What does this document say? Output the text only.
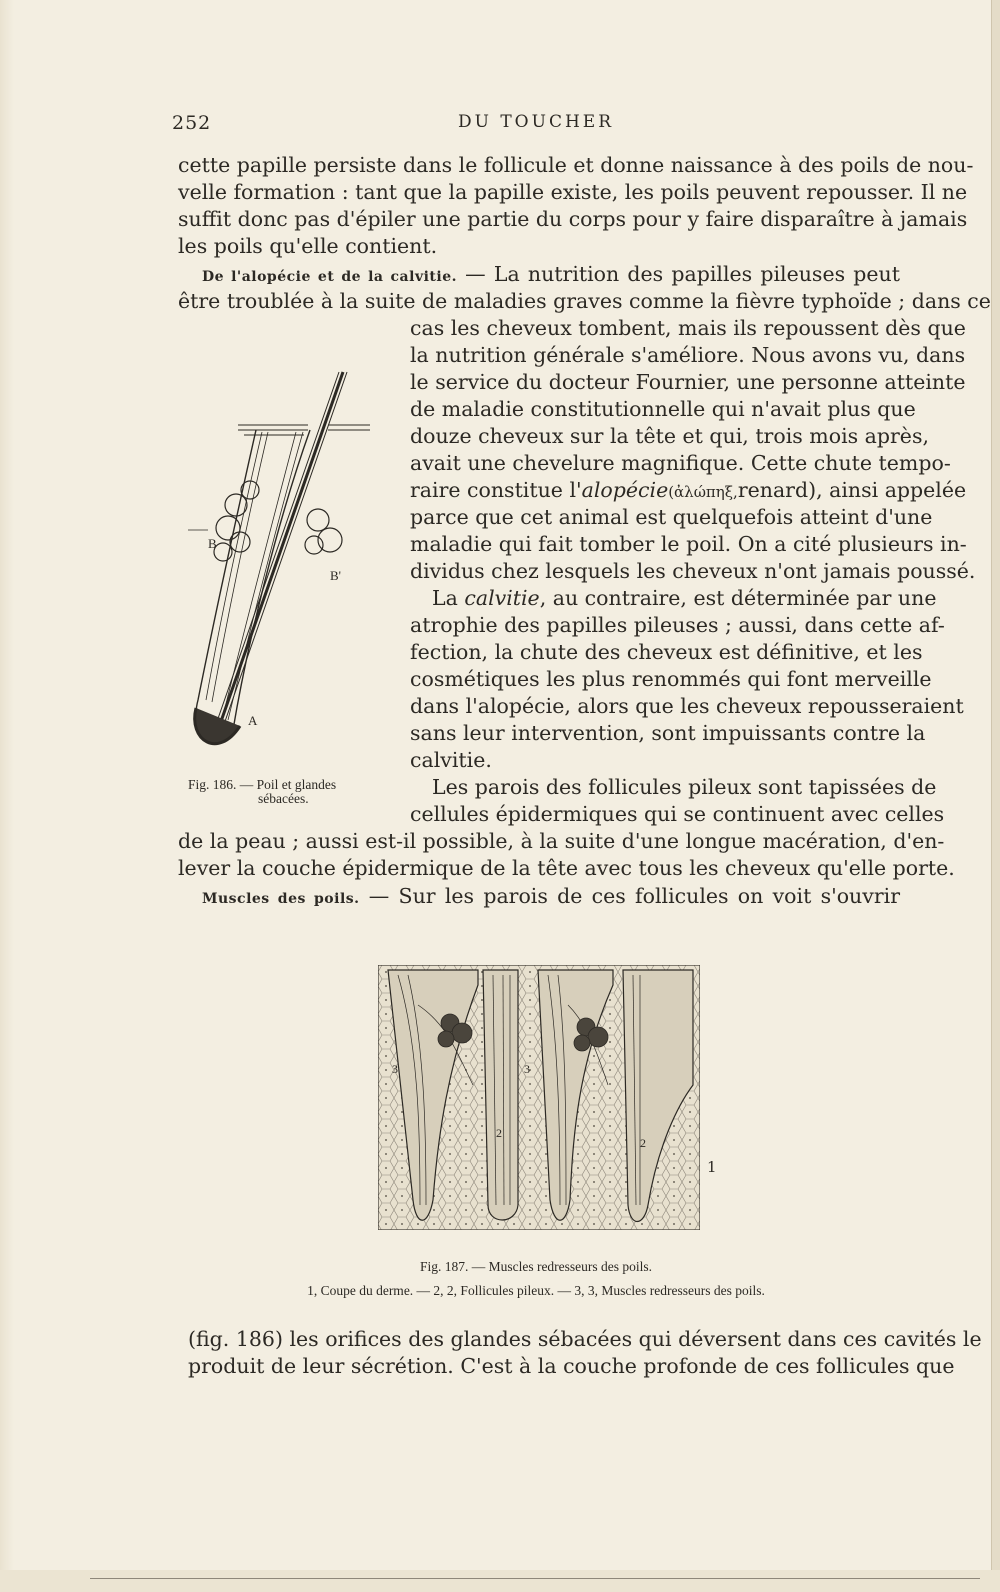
252	DU TOUCHER
cette papille persiste dans le follicule et donne naissance à des poils de nou-
velle formation : tant que la papille existe, les poils peuvent repousser. Il ne
suffit donc pas d'épiler une partie du corps pour y faire disparaître à jamais
les poils qu'elle contient.
De l'alopécie et de la calvitie. — La nutrition des papilles pileuses peut
être troublée à la suite de maladies graves comme la fièvre typhoïde ; dans ce
cas les cheveux tombent, mais ils repoussent dès que
la nutrition générale s'améliore. Nous avons vu, dans
le service du docteur Fournier, une personne atteinte
de maladie constitutionnelle qui n'avait plus que
douze cheveux sur la tête et qui, trois mois après,
avait une chevelure magnifique. Cette chute tempo-
raire constitue l'alopécie(ἀλώπηξ,renard), ainsi appelée
parce que cet animal est quelquefois atteint d'une
maladie qui fait tomber le poil. On a cité plusieurs in-
dividus chez lesquels les cheveux n'ont jamais poussé.
La calvitie, au contraire, est déterminée par une
atrophie des papilles pileuses ; aussi, dans cette af-
fection, la chute des cheveux est définitive, et les
cosmétiques les plus renommés qui font merveille
dans l'alopécie, alors que les cheveux repousseraient
sans leur intervention, sont impuissants contre la
calvitie.
Les parois des follicules pileux sont tapissées de
cellules épidermiques qui se continuent avec celles
de la peau ; aussi est-il possible, à la suite d'une longue macération, d'en-
lever la couche épidermique de la tête avec tous les cheveux qu'elle porte.
Muscles des poils. — Sur les parois de ces follicules on voit s'ouvrir
B
B'
A
Fig. 186. — Poil et glandes
sébacées.
3	3
2
2
1
Fig. 187. — Muscles redresseurs des poils.
1, Coupe du derme. — 2, 2, Follicules pileux. — 3, 3, Muscles redresseurs des poils.
(fig. 186) les orifices des glandes sébacées qui déversent dans ces cavités le
produit de leur sécrétion. C'est à la couche profonde de ces follicules que
